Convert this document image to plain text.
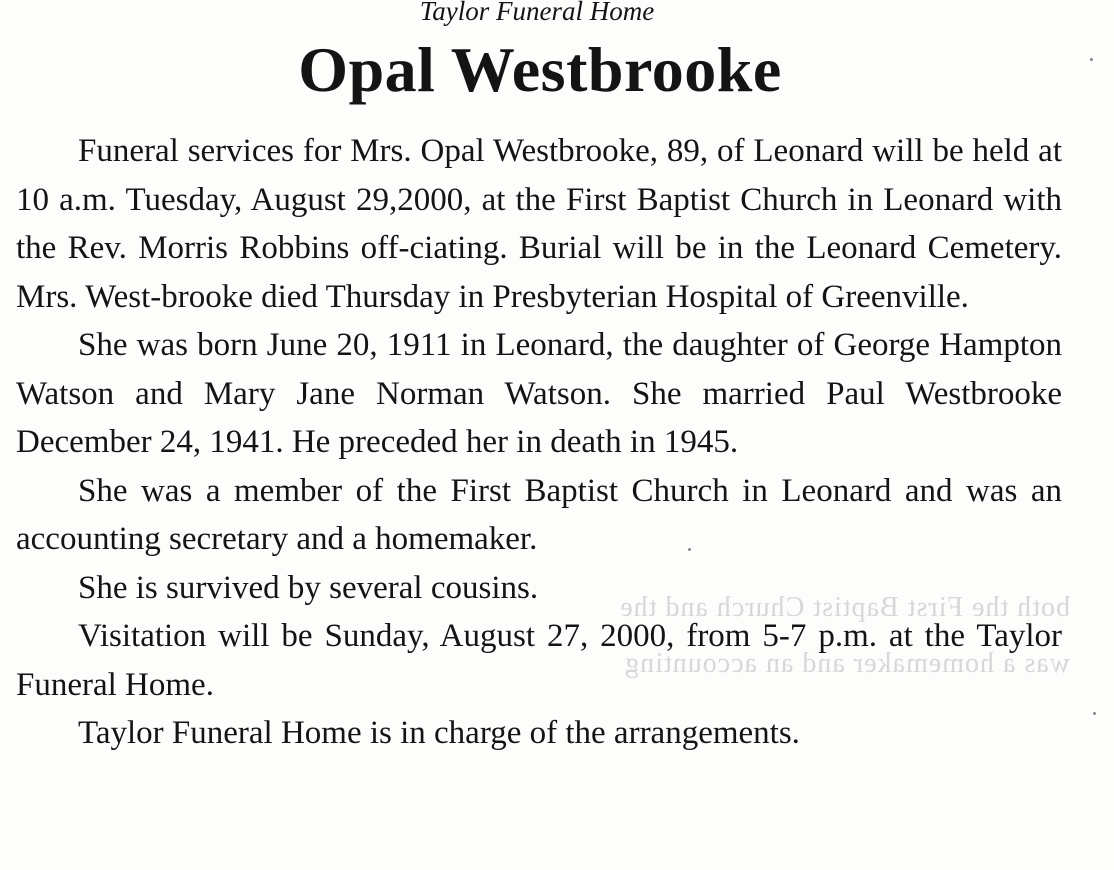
Taylor Funeral Home
Opal Westbrooke
both the First Baptist Church and the
was a homemaker and an accounting

Funeral services for Mrs. Opal Westbrooke, 89, of Leonard will be held at 10 a.m. Tuesday, August 29,2000, at the First Baptist Church in Leonard with the Rev. Morris Robbins off-ciating. Burial will be in the Leonard Cemetery. Mrs. West-brooke died Thursday in Presbyterian Hospital of Greenville.

She was born June 20, 1911 in Leonard, the daughter of George Hampton Watson and Mary Jane Norman Watson. She married Paul Westbrooke December 24, 1941. He preceded her in death in 1945.

She was a member of the First Baptist Church in Leonard and was an accounting secretary and a homemaker.

She is survived by several cousins.

Visitation will be Sunday, August 27, 2000, from 5-7 p.m. at the Taylor Funeral Home.

Taylor Funeral Home is in charge of the arrangements.
